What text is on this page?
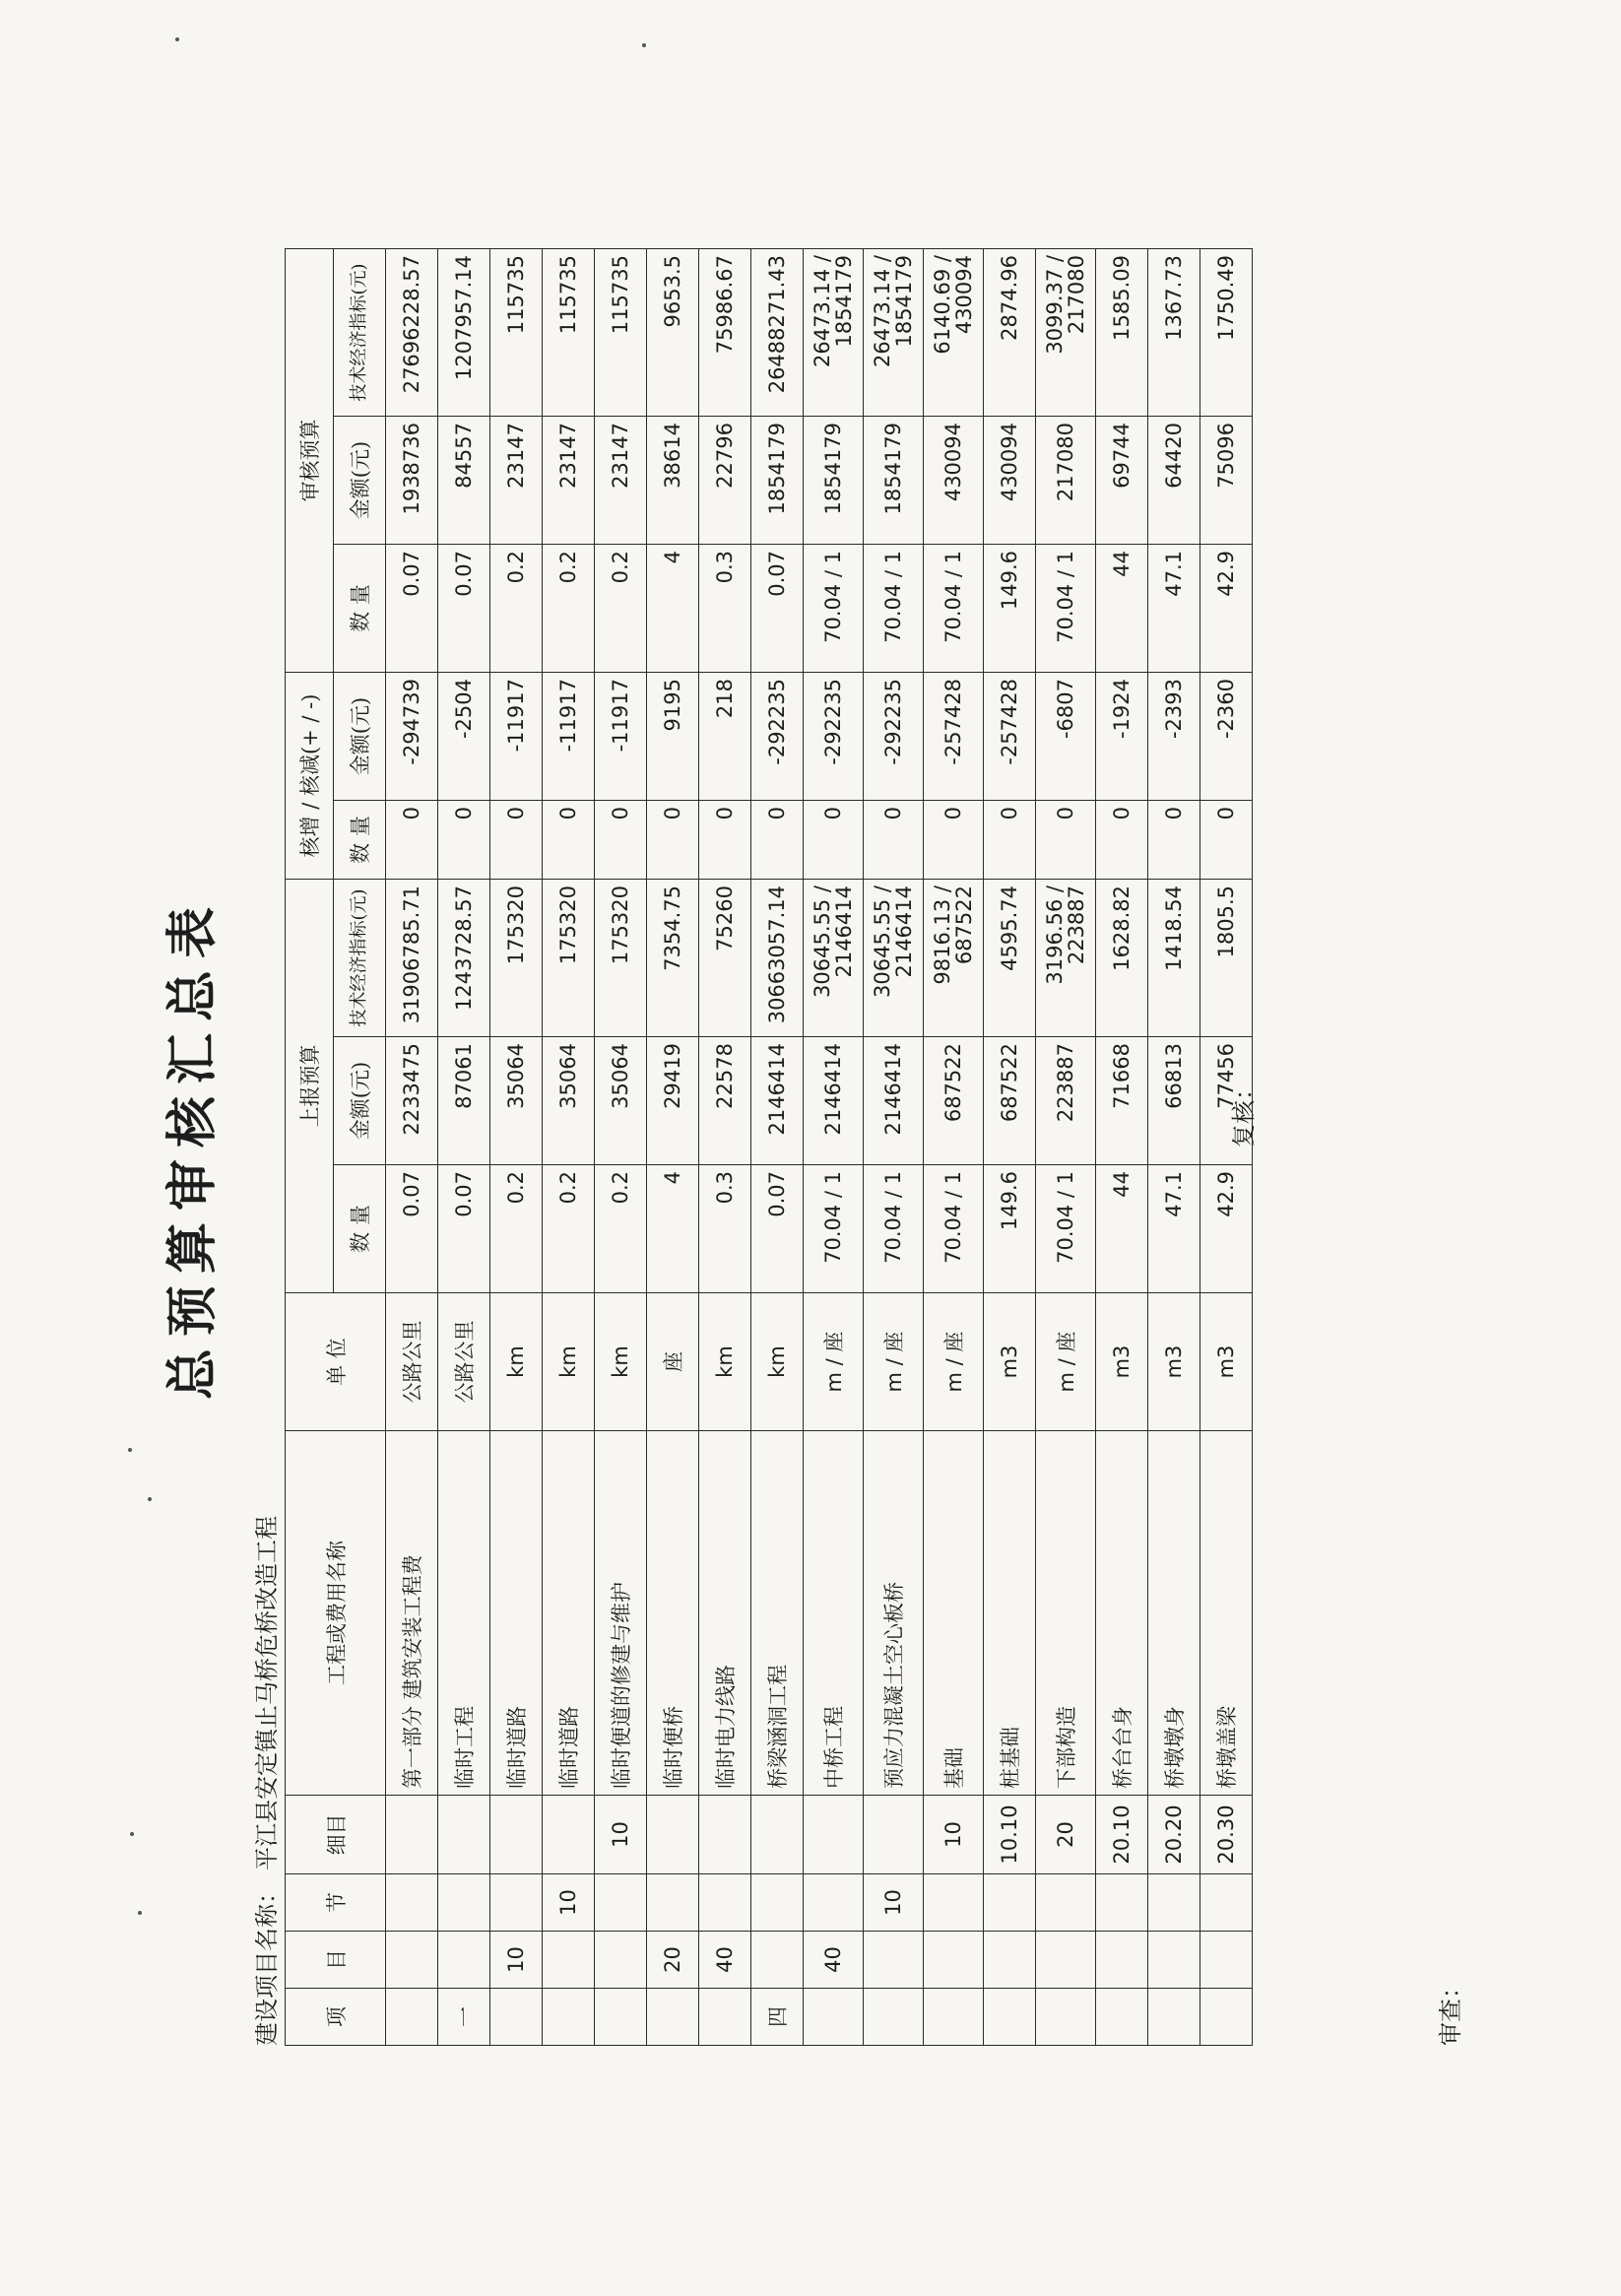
总预算审核汇总表
建设项目名称：平江县安定镇止马桥危桥改造工程
项	目	节	细目	工程或费用名称	单 位	上报预算			核增 / 核减(+ / -)		审核预算		
						数 量	金额(元)	技术经济指标(元)	数 量	金额(元)	数 量	金额(元)	技术经济指标(元)
				第一部分 建筑安装工程费	公路公里	0.07	2233475	31906785.71	0	-294739	0.07	1938736	27696228.57
一				临时工程	公路公里	0.07	87061	1243728.57	0	-2504	0.07	84557	1207957.14
	10			临时道路	km	0.2	35064	175320	0	-11917	0.2	23147	115735
		10		临时道路	km	0.2	35064	175320	0	-11917	0.2	23147	115735
			10	临时便道的修建与维护	km	0.2	35064	175320	0	-11917	0.2	23147	115735
	20			临时便桥	座	4	29419	7354.75	0	9195	4	38614	9653.5
	40			临时电力线路	km	0.3	22578	75260	0	218	0.3	22796	75986.67
四				桥梁涵洞工程	km	0.07	2146414	30663057.14	0	-292235	0.07	1854179	26488271.43
	40			中桥工程	m / 座	70.04 / 1	2146414	30645.55 / 2146414	0	-292235	70.04 / 1	1854179	26473.14 / 1854179
		10		预应力混凝土空心板桥	m / 座	70.04 / 1	2146414	30645.55 / 2146414	0	-292235	70.04 / 1	1854179	26473.14 / 1854179
			10	基础	m / 座	70.04 / 1	687522	9816.13 / 687522	0	-257428	70.04 / 1	430094	6140.69 / 430094
			10.10	桩基础	m3	149.6	687522	4595.74	0	-257428	149.6	430094	2874.96
			20	下部构造	m / 座	70.04 / 1	223887	3196.56 / 223887	0	-6807	70.04 / 1	217080	3099.37 / 217080
			20.10	桥台台身	m3	44	71668	1628.82	0	-1924	44	69744	1585.09
			20.20	桥墩墩身	m3	47.1	66813	1418.54	0	-2393	47.1	64420	1367.73
			20.30	桥墩盖梁	m3	42.9	77456	1805.5	0	-2360	42.9	75096	1750.49
复核：
审查：
